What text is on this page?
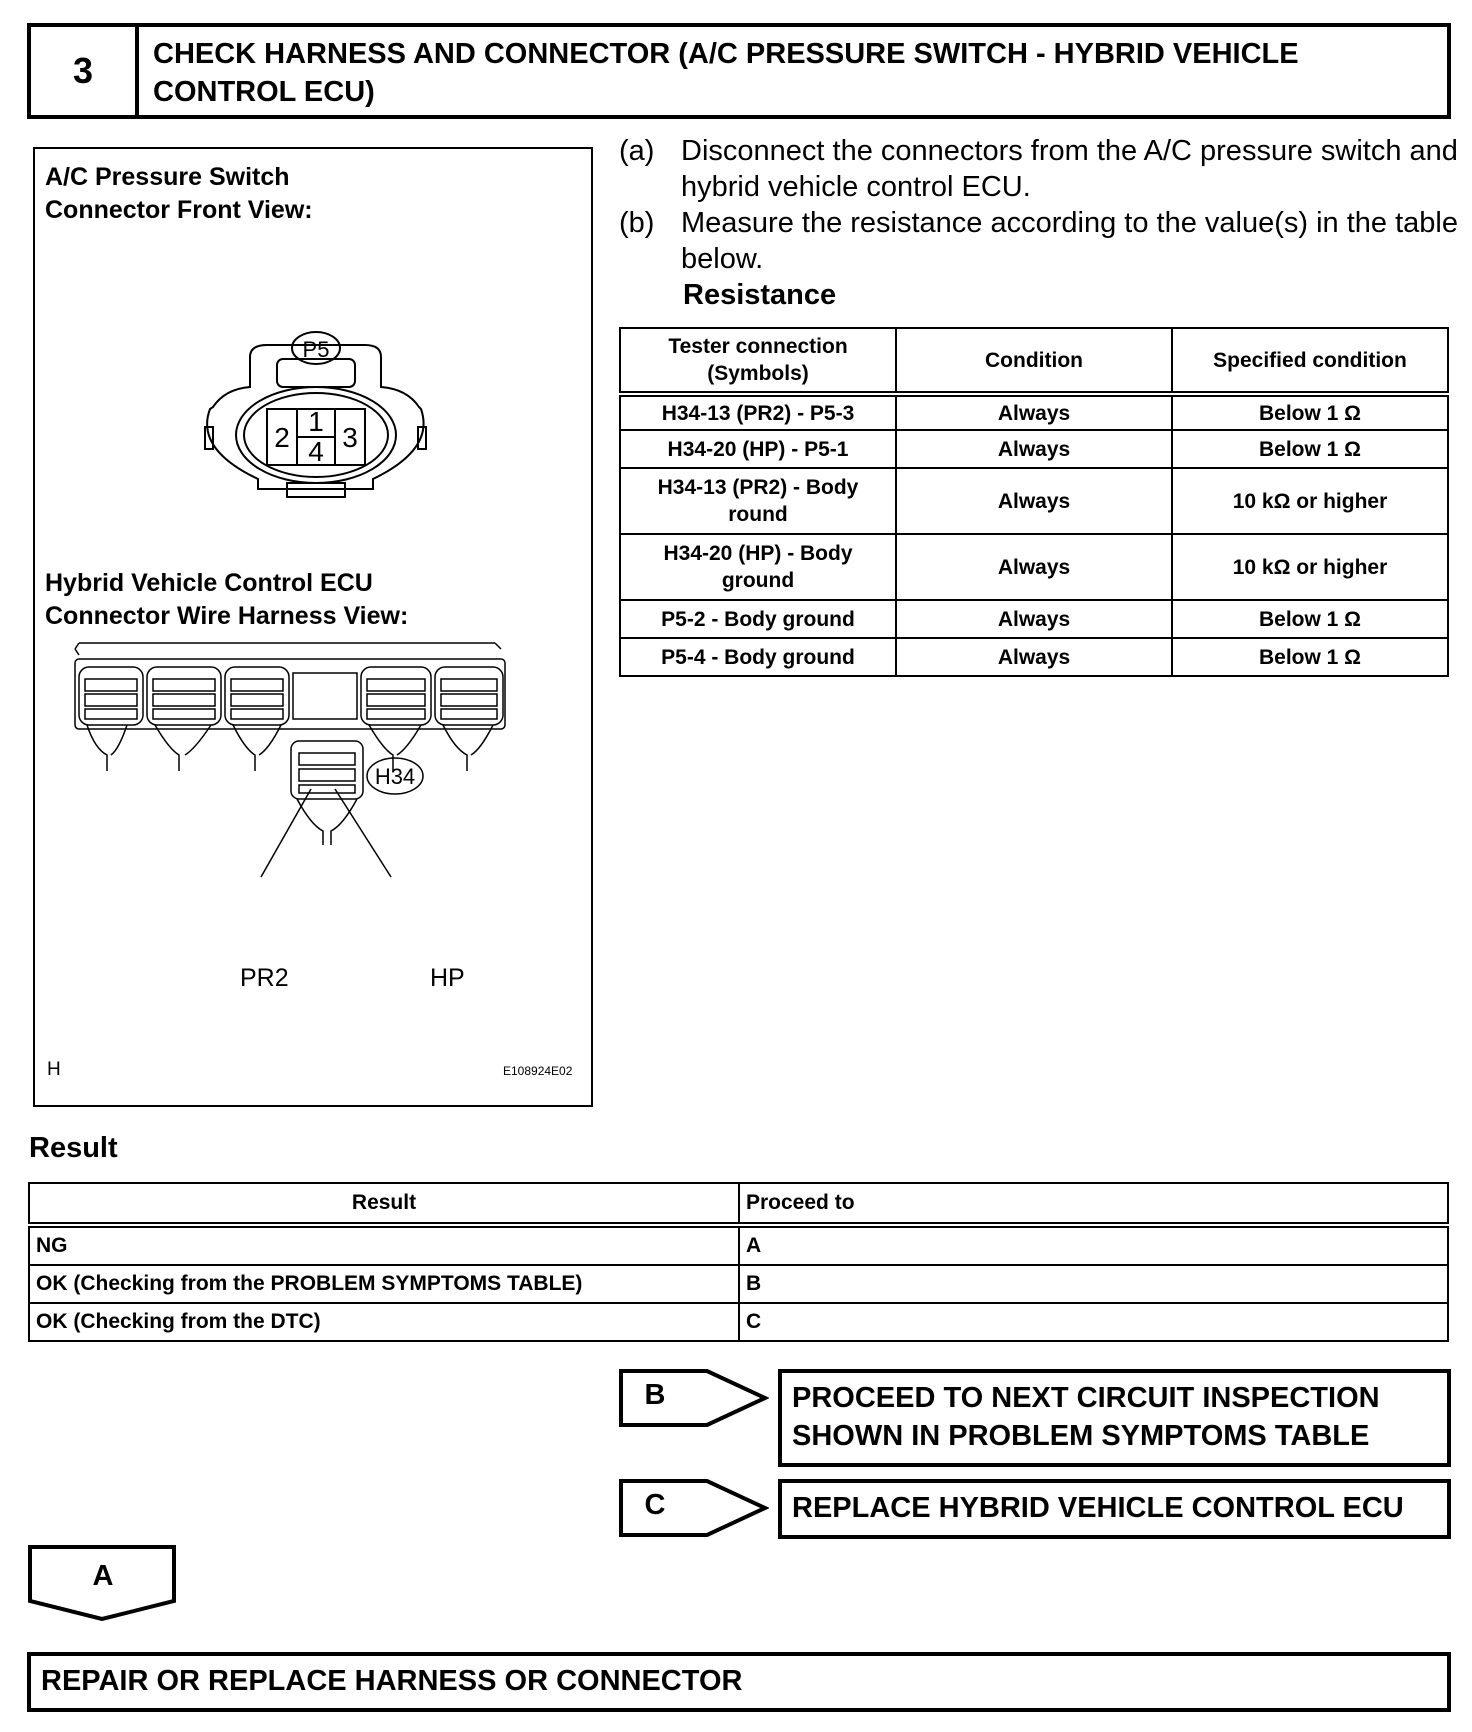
3	CHECK HARNESS AND CONNECTOR (A/C PRESSURE SWITCH - HYBRID VEHICLE CONTROL ECU)
A/C Pressure Switch
Connector Front View:
P5
1
2 3
4
H34
Hybrid Vehicle Control ECU
Connector Wire Harness View:
PR2	HP
H	E108924E02
(a) Disconnect the connectors from the A/C pressure switch and hybrid vehicle control ECU.
(b) Measure the resistance according to the value(s) in the table below.
Resistance
Tester connection (Symbols)	Condition	Specified condition
H34-13 (PR2) - P5-3	Always	Below 1 Ω
H34-20 (HP) - P5-1	Always	Below 1 Ω
H34-13 (PR2) - Body round	Always	10 kΩ or higher
H34-20 (HP) - Body ground	Always	10 kΩ or higher
P5-2 - Body ground	Always	Below 1 Ω
P5-4 - Body ground	Always	Below 1 Ω
Result
Result	Proceed to
NG	A
OK (Checking from the PROBLEM SYMPTOMS TABLE)	B
OK (Checking from the DTC)	C
B	PROCEED TO NEXT CIRCUIT INSPECTION
SHOWN IN PROBLEM SYMPTOMS TABLE
C	REPLACE HYBRID VEHICLE CONTROL ECU
A
REPAIR OR REPLACE HARNESS OR CONNECTOR
